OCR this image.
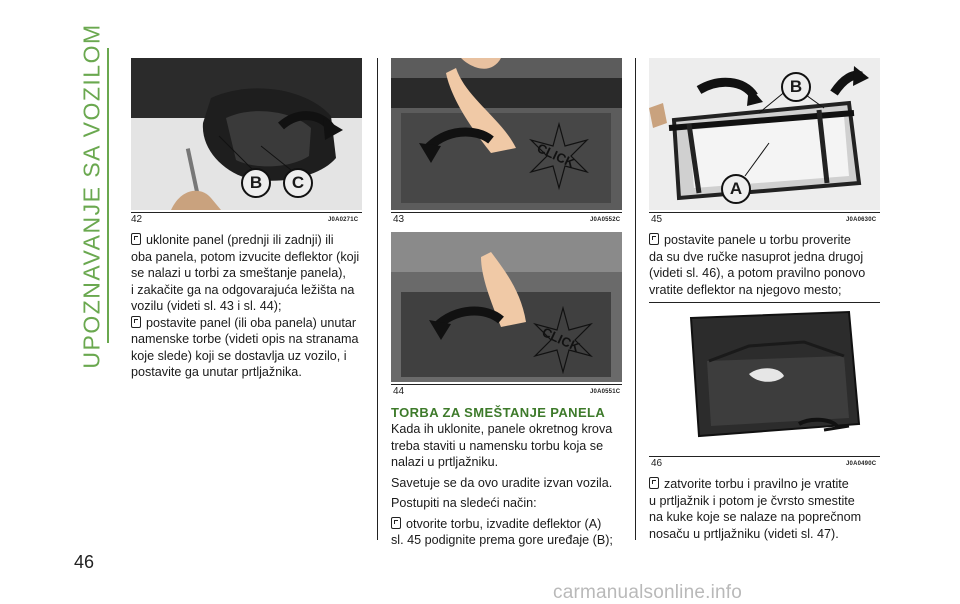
UPOZNAVANJE SA VOZILOM
46
B	C
42	J0A0271C

uklonite panel (prednji ili zadnji) ili

oba panela, potom izvucite deflektor (koji

se nalazi u torbi za smeštanje panela),

i zakačite ga na odgovarajuća ležišta na

vozilu (videti sl. 43 i sl. 44);

postavite panel (ili oba panela) unutar

namenske torbe (videti opis na stranama

koje slede) koji se dostavlja uz vozilo, i

postavite ga unutar prtljažnika.

CLICK
43	J0A0552C
CLICK
44	J0A0551C
TORBA ZA SMEŠTANJE PANELA

Kada ih uklonite, panele okretnog krova

treba staviti u namensku torbu koja se

nalazi u prtljažniku.

Savetuje se da ovo uradite izvan vozila.

Postupiti na sledeći način:

otvorite torbu, izvadite deflektor (A)

sl. 45 podignite prema gore uređaje (B);

B
A
45	J0A0630C

postavite panele u torbu proverite

da su dve ručke nasuprot jedna drugoj

(videti sl. 46), a potom pravilno ponovo

vratite deflektor na njegovo mesto;

46	J0A0490C

zatvorite torbu i pravilno je vratite

u prtljažnik i potom je čvrsto smestite

na kuke koje se nalaze na poprečnom

nosaču u prtljažniku (videti sl. 47).

carmanualsonline.info
